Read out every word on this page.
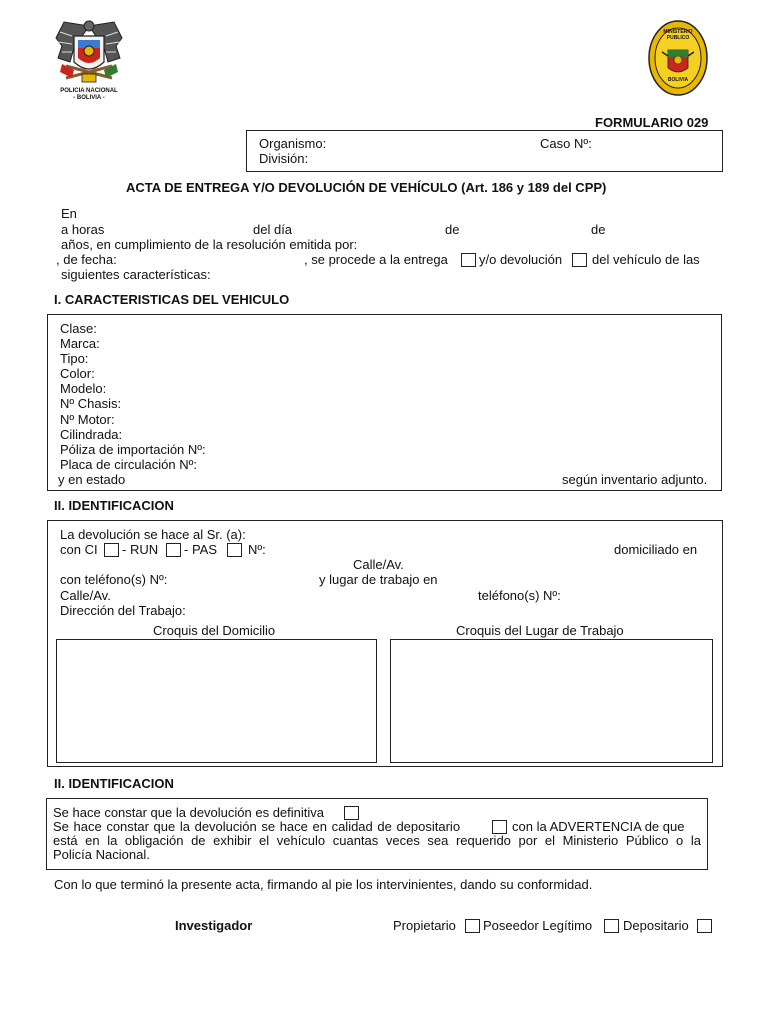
POLICIA NACIONAL
- BOLIVIA -
MINISTERIO PUBLICO
BOLIVIA
FORMULARIO 029
Organismo:	Caso Nº:
División:
ACTA DE ENTREGA Y/O DEVOLUCIÓN DE VEHÍCULO (Art. 186 y 189 del CPP)
En
a horas	del día	de	de
años, en cumplimiento de la resolución emitida por:
, de fecha:	, se procede a la entrega y/o devolución del vehículo de las
siguientes características:
I. CARACTERISTICAS DEL VEHICULO
Clase:
Marca:
Tipo:
Color:
Modelo:
Nº Chasis:
Nº Motor:
Cilindrada:
Póliza de importación Nº:
Placa de circulación Nº:
y en estado	según inventario adjunto.
II. IDENTIFICACION
La devolución se hace al Sr. (a):
con CI - RUN - PAS Nº:	domiciliado en
Calle/Av.
con teléfono(s) Nº:	y lugar de trabajo en
Calle/Av.	teléfono(s) Nº:
Dirección del Trabajo:
Croquis del Domicilio	Croquis del Lugar de Trabajo
II. IDENTIFICACION
Se hace constar que la devolución es definitiva
Se hace constar que la devolución se hace en calidad de depositario	con la ADVERTENCIA de que
está en la obligación de exhibir el vehículo cuantas veces sea requerido por el Ministerio Público o la
Policía Nacional.
Con lo que terminó la presente acta, firmando al pie los intervinientes, dando su conformidad.
Investigador	Propietario Poseedor Legítimo Depositario
